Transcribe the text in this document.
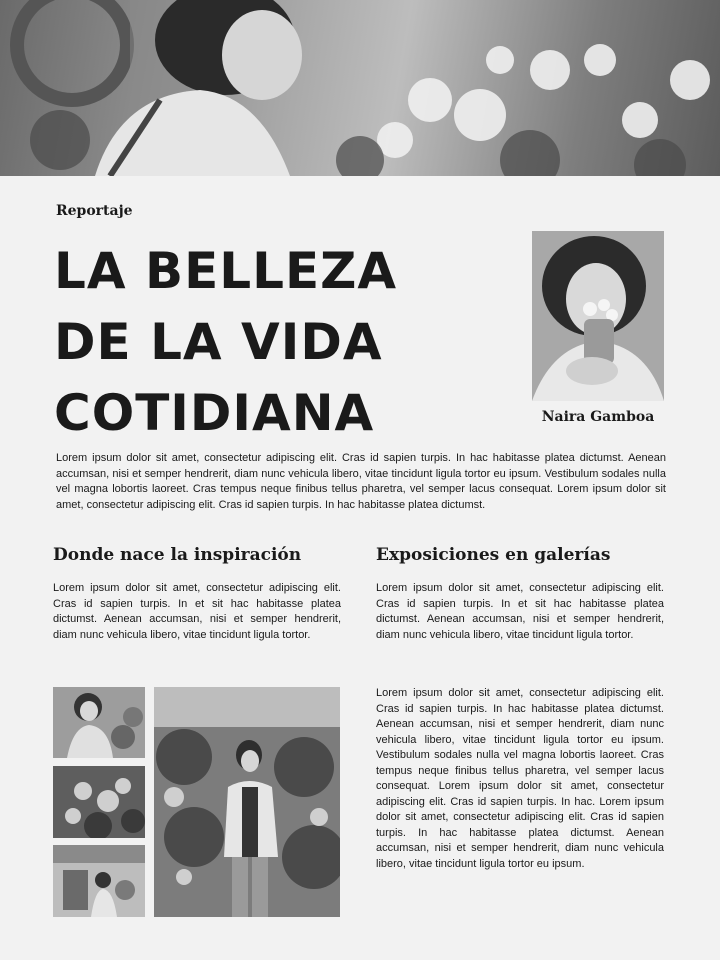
Reportaje
LA BELLEZA
DE LA VIDA
COTIDIANA	Naira Gamboa

Lorem ipsum dolor sit amet, consectetur adipiscing elit. Cras id sapien turpis. In hac habitasse platea dictumst. Aenean accumsan, nisi et semper hendrerit, diam nunc vehicula libero, vitae tincidunt ligula tortor eu ipsum. Vestibulum sodales nulla vel magna lobortis laoreet. Cras tempus neque finibus tellus pharetra, vel semper lacus consequat. Lorem ipsum dolor sit amet, consectetur adipiscing elit. Cras id sapien turpis. In hac habitasse platea dictumst.

Donde nace la inspiración

Lorem ipsum dolor sit amet, consectetur adipiscing elit. Cras id sapien turpis. In et sit hac habitasse platea dictumst. Aenean accumsan, nisi et semper hendrerit, diam nunc vehicula libero, vitae tincidunt ligula tortor.

Exposiciones en galerías

Lorem ipsum dolor sit amet, consectetur adipiscing elit. Cras id sapien turpis. In et sit hac habitasse platea dictumst. Aenean accumsan, nisi et semper hendrerit, diam nunc vehicula libero, vitae tincidunt ligula tortor.

Lorem ipsum dolor sit amet, consectetur adipiscing elit. Cras id sapien turpis. In hac habitasse platea dictumst. Aenean accumsan, nisi et semper hendrerit, diam nunc vehicula libero, vitae tincidunt ligula tortor eu ipsum. Vestibulum sodales nulla vel magna lobortis laoreet. Cras tempus neque finibus tellus pharetra, vel semper lacus consequat. Lorem ipsum dolor sit amet, consectetur adipiscing elit. Cras id sapien turpis. In hac. Lorem ipsum dolor sit amet, consectetur adipiscing elit. Cras id sapien turpis. In hac habitasse platea dictumst. Aenean accumsan, nisi et semper hendrerit, diam nunc vehicula libero, vitae tincidunt ligula tortor eu ipsum.
